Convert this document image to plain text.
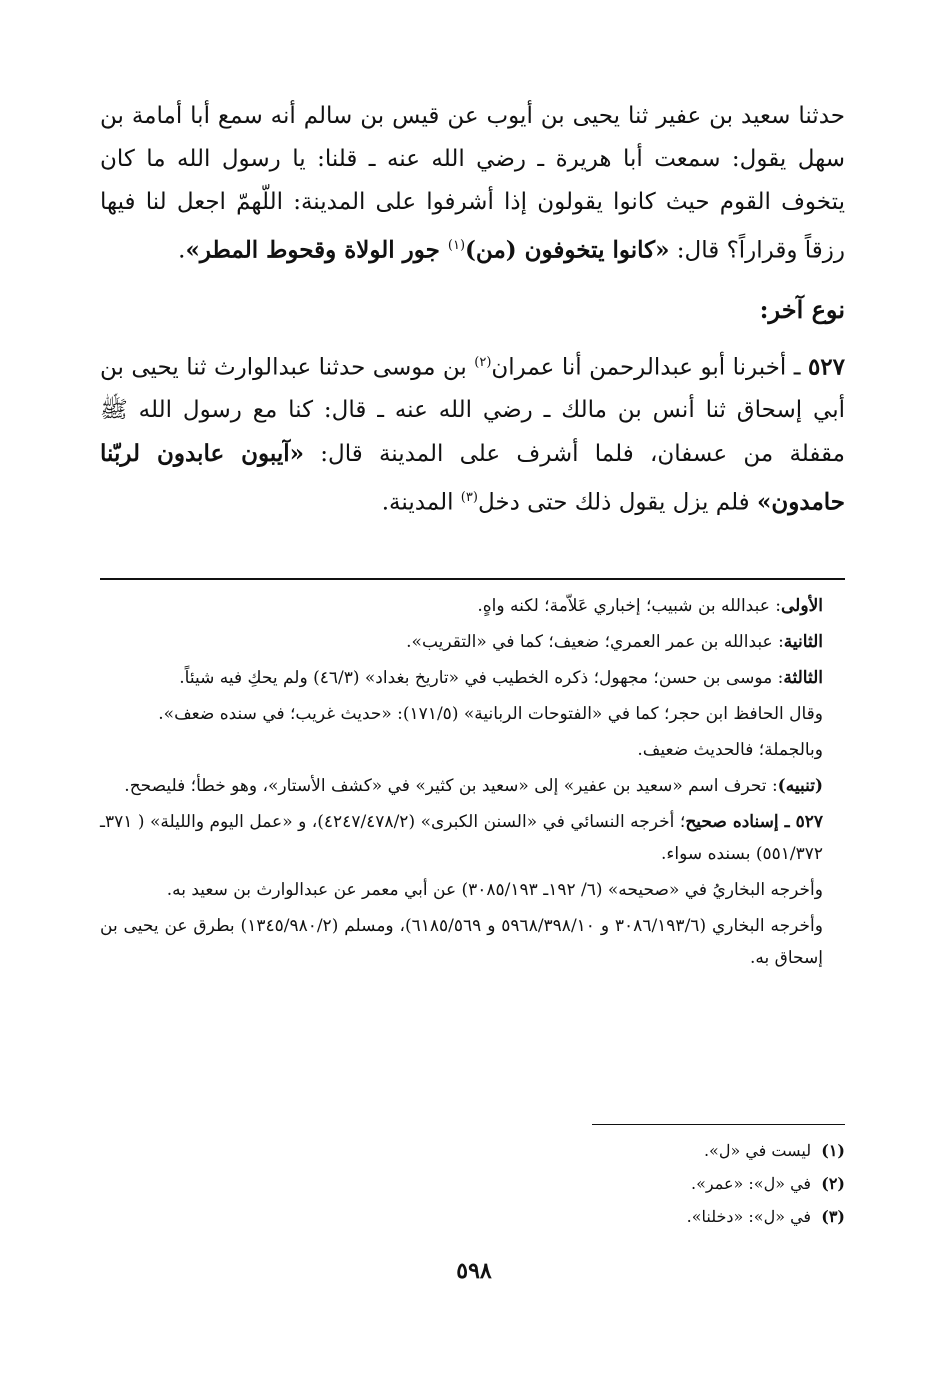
حدثنا سعيد بن عفير ثنا يحيى بن أيوب عن قيس بن سالم أنه سمع أبا أمامة بن سهل يقول: سمعت أبا هريرة ـ رضي الله عنه ـ قلنا: يا رسول الله ما كان يتخوف القوم حيث كانوا يقولون إذا أشرفوا على المدينة: اللّهمّ اجعل لنا فيها رزقاً وقراراً؟ قال: «كانوا يتخوفون (من)$^{(١)}$ جور الولاة وقحوط المطر».

نوع آخر:

٥٢٧ ـ أخبرنا أبو عبدالرحمن أنا عمران$^{(٢)}$ بن موسى حدثنا عبدالوارث ثنا يحيى بن أبي إسحاق ثنا أنس بن مالك ـ رضي الله عنه ـ قال: كنا مع رسول الله ﷺ مقفلة من عسفان، فلما أشرف على المدينة قال: «آيبون عابدون لربّنا حامدون» فلم يزل يقول ذلك حتى دخل$^{(٣)}$ المدينة.

الأولى: عبدالله بن شبيب؛ إخباري عَلاّمة؛ لكنه واهٍ.

الثانية: عبدالله بن عمر العمري؛ ضعيف؛ كما في «التقريب».

الثالثة: موسى بن حسن؛ مجهول؛ ذكره الخطيب في «تاريخ بغداد» (٤٦/٣) ولم يحكِ فيه شيئاً.

وقال الحافظ ابن حجر؛ كما في «الفتوحات الربانية» (١٧١/٥): «حديث غريب؛ في سنده ضعف».

وبالجملة؛ فالحديث ضعيف.

(تنبيه): تحرف اسم «سعيد بن عفير» إلى «سعيد بن كثير» في «كشف الأستار»، وهو خطأ؛ فليصحح.

٥٢٧ ـ إسناده صحيح؛ أخرجه النسائي في «السنن الكبرى» (٤٢٤٧/٤٧٨/٢)، و «عمل اليوم والليلة» ( ٣٧١ـ ٥٥١/٣٧٢) بسنده سواء.

وأخرجه البخاريُ في «صحيحه» (٦/ ١٩٢ـ ٣٠٨٥/١٩٣) عن أبي معمر عن عبدالوارث بن سعيد به.

وأخرجه البخاري (٣٠٨٦/١٩٣/٦ و ٥٩٦٨/٣٩٨/١٠ و ٦١٨٥/٥٦٩)، ومسلم (١٣٤٥/٩٨٠/٢) بطرق عن يحيى بن إسحاق به.

(١)  ليست في «ل».

(٢)  في «ل»: «عمر».

(٣)  في «ل»: «دخلنا».

٥٩٨
